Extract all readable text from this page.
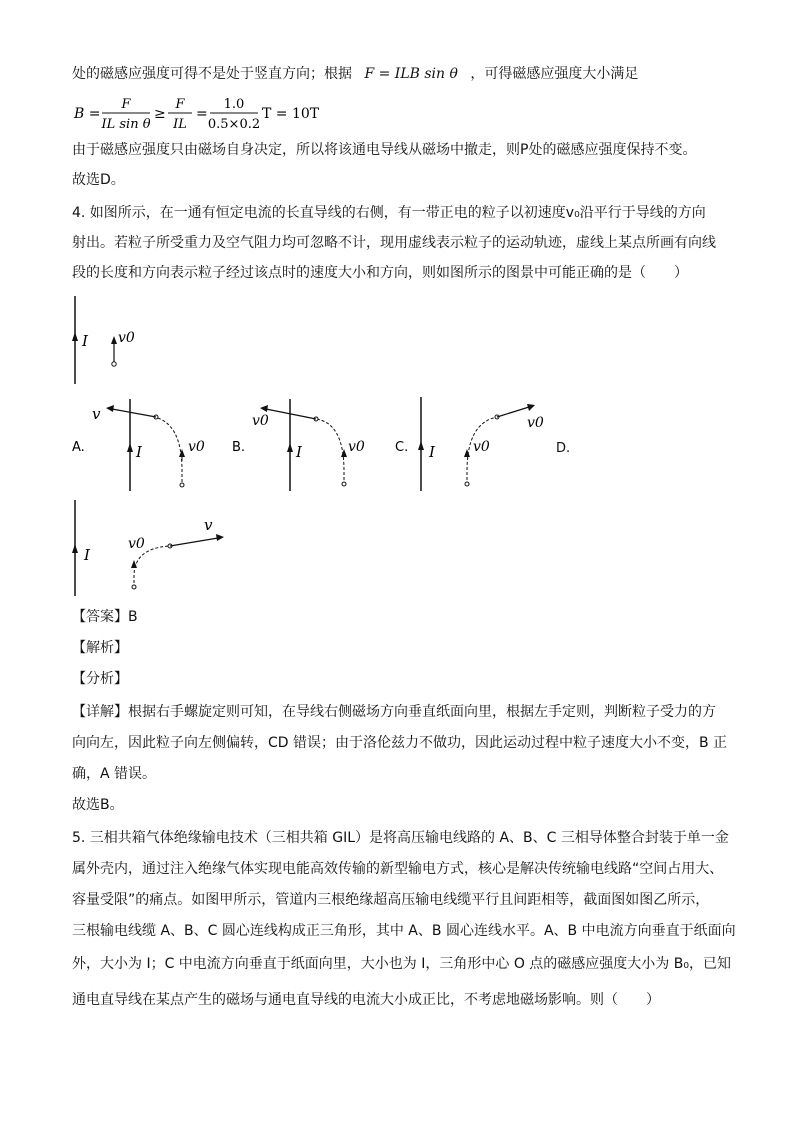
处的磁感应强度可得不是处于竖直方向；根据 F = ILB sin θ ，可得磁感应强度大小满足
B =
F
IL sin θ
≥
F
IL
=
1.0
0.5×0.2
T = 10T
由于磁感应强度只由磁场自身决定，所以将该通电导线从磁场中撤走，则P处的磁感应强度保持不变。
故选D。
4. 如图所示，在一通有恒定电流的长直导线的右侧，有一带正电的粒子以初速度v₀沿平行于导线的方向
射出。若粒子所受重力及空气阻力均可忽略不计，现用虚线表示粒子的运动轨迹，虚线上某点所画有向线
段的长度和方向表示粒子经过该点时的速度大小和方向，则如图所示的图景中可能正确的是（　　）
I v0
A.	I	v0
v
B.	I	v0
v0
C. I	v0
v0
D.
I
v0
v
【答案】B
【解析】
【分析】
【详解】根据右手螺旋定则可知，在导线右侧磁场方向垂直纸面向里，根据左手定则，判断粒子受力的方
向向左，因此粒子向左侧偏转，CD 错误；由于洛伦兹力不做功，因此运动过程中粒子速度大小不变，B 正
确，A 错误。
故选B。
5. 三相共箱气体绝缘输电技术（三相共箱 GIL）是将高压输电线路的 A、B、C 三相导体整合封装于单一金
属外壳内，通过注入绝缘气体实现电能高效传输的新型输电方式，核心是解决传统输电线路“空间占用大、
容量受限”的痛点。如图甲所示，管道内三根绝缘超高压输电线缆平行且间距相等，截面图如图乙所示，
三根输电线缆 A、B、C 圆心连线构成正三角形，其中 A、B 圆心连线水平。A、B 中电流方向垂直于纸面向
外，大小为 I；C 中电流方向垂直于纸面向里，大小也为 I，三角形中心 O 点的磁感应强度大小为 B₀，已知
通电直导线在某点产生的磁场与通电直导线的电流大小成正比，不考虑地磁场影响。则（　　）
